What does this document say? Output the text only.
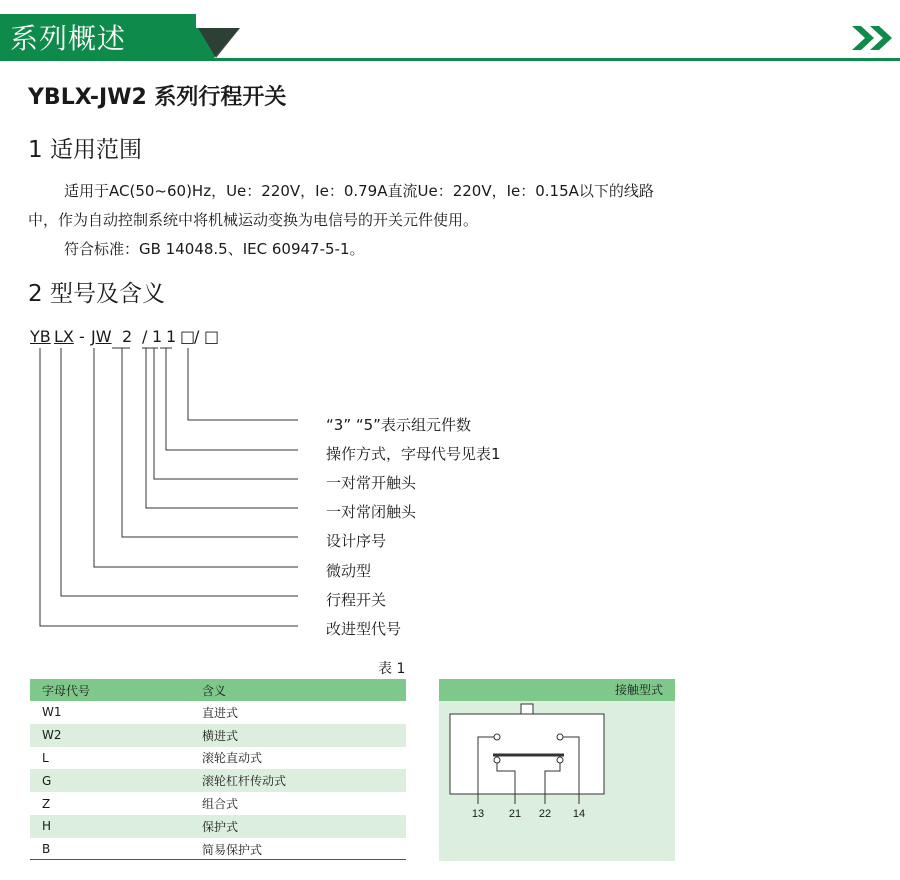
系列概述
YBLX-JW2 系列行程开关
1 适用范围
适用于AC(50~60)Hz，Ue：220V，Ie：0.79A直流Ue：220V，Ie：0.15A以下的线路
中，作为自动控制系统中将机械运动变换为电信号的开关元件使用。
符合标准：GB 14048.5、IEC 60947-5-1。
2 型号及含义
YB LX - JW 2 / 1 1 □
/ □
“3” “5”表示组元件数
操作方式，字母代号见表1
一对常开触头
一对常闭触头
设计序号
微动型
行程开关
改进型代号
表 1
字母代号	含义
W1	直进式
W2	横进式
L	滚轮直动式
G	滚轮杠杆传动式
Z	组合式
H	保护式
B	简易保护式
接触型式
13 21 22 14
